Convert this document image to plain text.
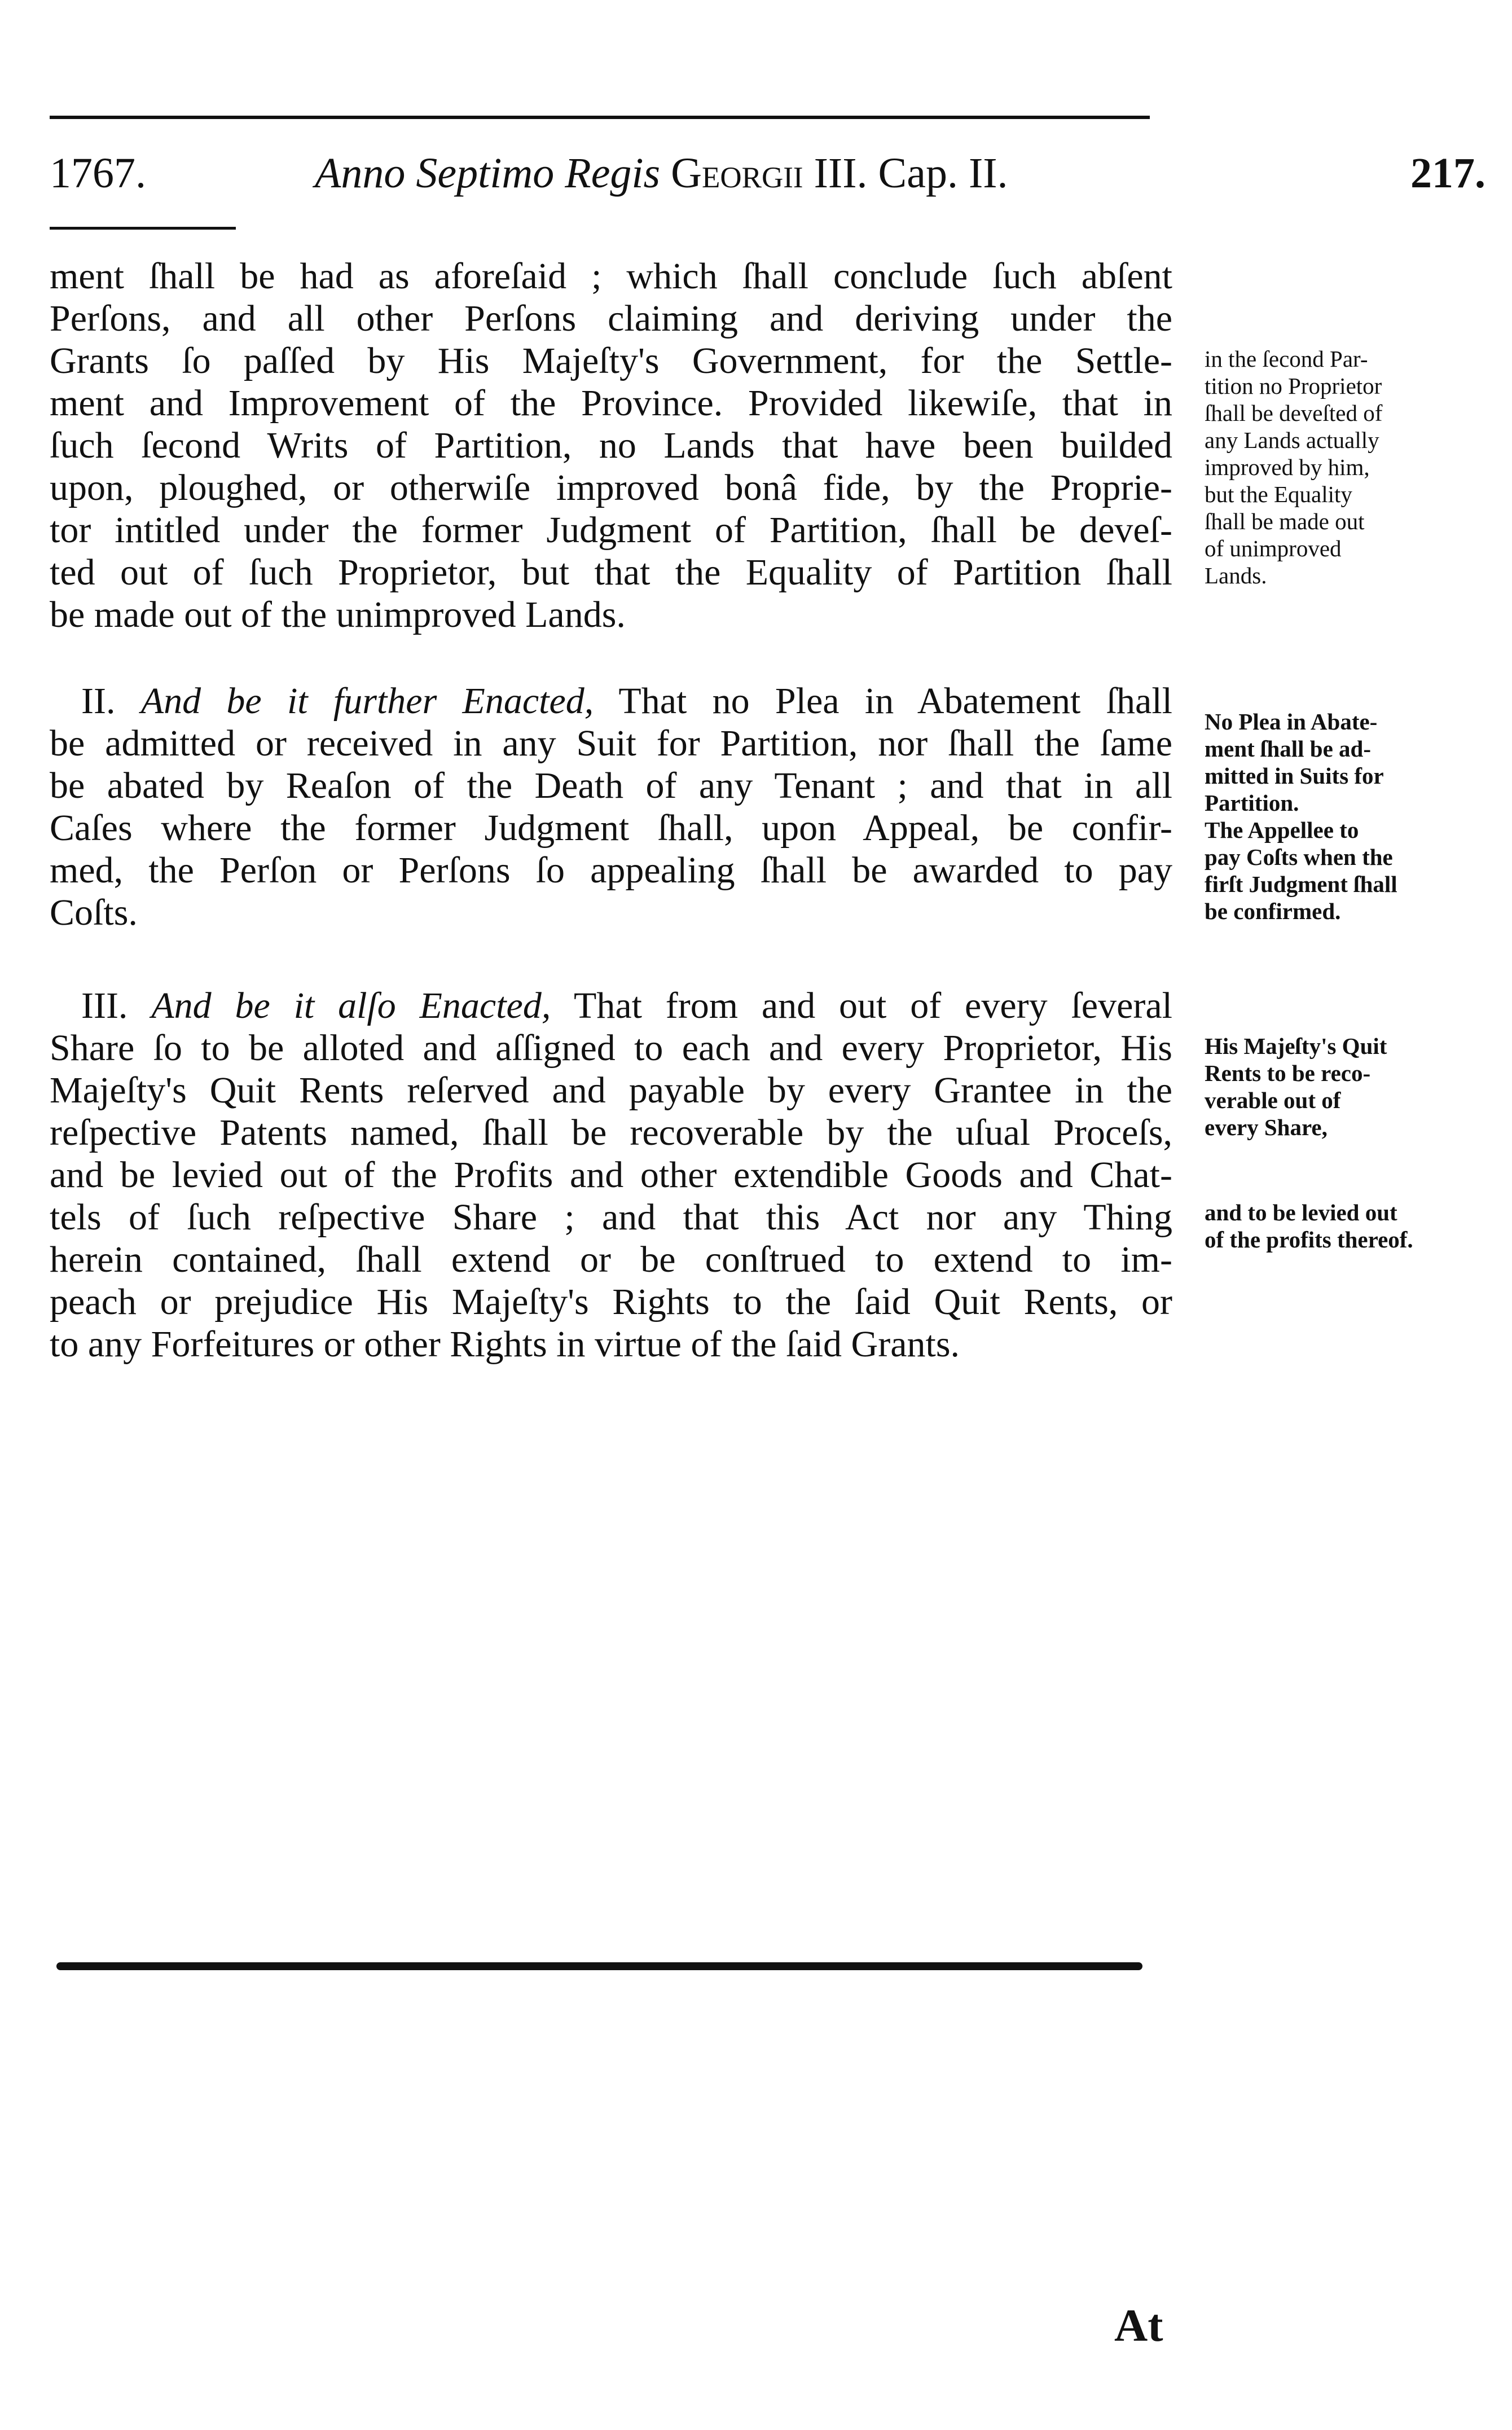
1767.	Anno Septimo Regis Georgii III. Cap. II.	217.
ment ſhall be had as aforeſaid ; which ſhall conclude ſuch abſent
Perſons, and all other Perſons claiming and deriving under the
Grants ſo paſſed by His Majeſty's Government, for the Settle-
ment and Improvement of the Province. Provided likewiſe, that in
ſuch ſecond Writs of Partition, no Lands that have been builded
upon, ploughed, or otherwiſe improved bonâ fide, by the Proprie-
tor intitled under the former Judgment of Partition, ſhall be deveſ-
ted out of ſuch Proprietor, but that the Equality of Partition ſhall
be made out of the unimproved Lands.
II. And be it further Enacted, That no Plea in Abatement ſhall
be admitted or received in any Suit for Partition, nor ſhall the ſame
be abated by Reaſon of the Death of any Tenant ; and that in all
Caſes where the former Judgment ſhall, upon Appeal, be confir-
med, the Perſon or Perſons ſo appealing ſhall be awarded to pay
Coſts.
III. And be it alſo Enacted, That from and out of every ſeveral
Share ſo to be alloted and aſſigned to each and every Proprietor, His
Majeſty's Quit Rents reſerved and payable by every Grantee in the
reſpective Patents named, ſhall be recoverable by the uſual Proceſs,
and be levied out of the Profits and other extendible Goods and Chat-
tels of ſuch reſpective Share ; and that this Act nor any Thing
herein contained, ſhall extend or be conſtrued to extend to im-
peach or prejudice His Majeſty's Rights to the ſaid Quit Rents, or
to any Forfeitures or other Rights in virtue of the ſaid Grants.
in the ſecond Par-
tition no Proprietor
ſhall be deveſted of
any Lands actually
improved by him,
but the Equality
ſhall be made out
of unimproved
Lands.
No Plea in Abate-
ment ſhall be ad-
mitted in Suits for
Partition.
The Appellee to
pay Coſts when the
firſt Judgment ſhall
be confirmed.
His Majeſty's Quit
Rents to be reco-
verable out of
every Share,
and to be levied out
of the profits thereof.
At
